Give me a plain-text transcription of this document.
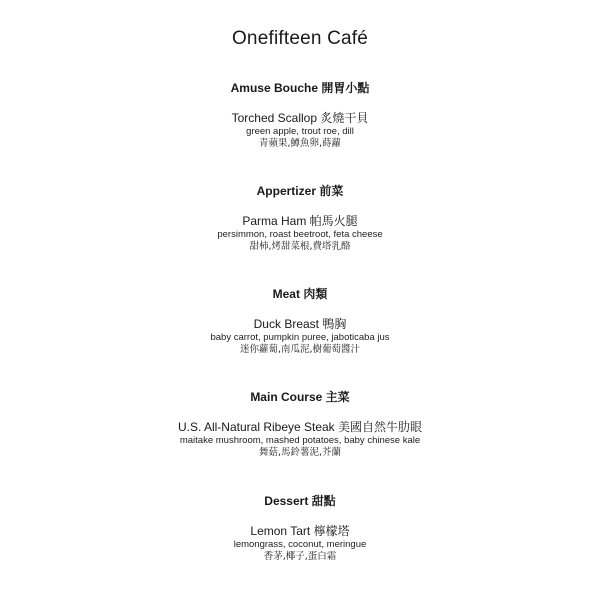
Onefifteen Café

Amuse Bouche 開胃小點

Torched Scallop 炙燒干貝

green apple, trout roe, dill

青蘋果,鱒魚卵,蒔蘿

Appertizer 前菜

Parma Ham 帕馬火腿

persimmon, roast beetroot, feta cheese

甜柿,烤甜菜根,費塔乳酪

Meat 肉類

Duck Breast 鴨胸

baby carrot, pumpkin puree, jaboticaba jus

迷你蘿蔔,南瓜泥,樹葡萄醬汁

Main Course 主菜

U.S. All-Natural Ribeye Steak 美國自然牛肋眼

maitake mushroom, mashed potatoes, baby chinese kale

舞菇,馬鈴薯泥,芥蘭

Dessert 甜點

Lemon Tart 檸檬塔

lemongrass, coconut, meringue

香茅,椰子,蛋白霜
